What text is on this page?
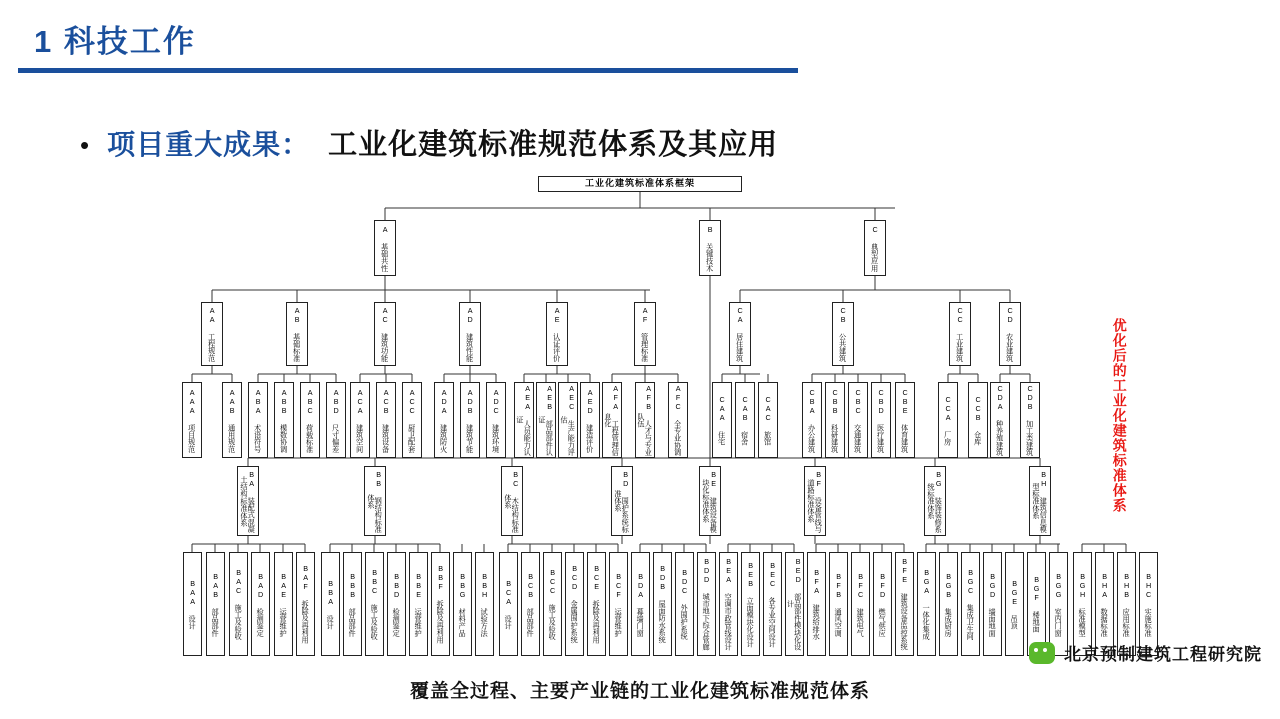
1 科技工作
• 项目重大成果： 工业化建筑标准规范体系及其应用
工业化建筑标准体系框架
A 基础共性	B 关键技术	C 典型应用
AA 工程规范	AB 基础标准	AC 建筑功能	AD 建筑性能	AE 认证评价	AF 管理标准	CA 居住建筑	CB 公共建筑	CC 工业建筑	CD 农业建筑
AAA 项目规范	AAB 通用规范	ABA 术语符号	ABB 模数协调	ABC 荷载标准	ABD 尺寸偏差	ACA 建筑空间	ACB 建筑设备	ACC 厨卫配套	ADA 建筑防火	ADB 建筑节能	ADC 建筑环境	AEA 人员能力认证	AEB 部品部件认证	AEC 生产能力评估	AED 建造评价	AFA 工程管理信息化	AFB 人才与专业队伍	AFC 全专业协调	CAA 住宅	CAB 宿舍	CAC 旅馆	CBA 办公建筑	CBB 科研建筑	CBC 交通建筑	CBD 医疗建筑	CBE 体育建筑	CCA 厂房	CCB 仓库	CDA 种养殖建筑	CDB 加工类建筑
BA 装配式混凝土结构标准体系	BB 钢结构标准体系	BC 木结构标准体系	BD 围护系统标准体系	BE 建筑设备模块化标准体系	BF 设备管线与道路标准体系	BG 装饰装修系统标准体系	BH 建筑信息模型标准体系
BAA 设计	BAB 部品部件	BAC 施工及验收	BAD 检测鉴定	BAE 运营维护	BAF 拆除及再利用	BBA 设计	BBB 部品部件	BBC 施工及验收	BBD 检测鉴定	BBE 运营维护	BBF 拆除及再利用	BBG 材料产品	BBH 试验方法	BCA 设计	BCB 部品部件	BCC 施工及验收	BCD 金属围护系统	BCE 拆除及再利用	BCF 运营维护	BDA 幕墙门窗	BDB 屋面防水系统	BDC 外围护系统	BDD 城市地下综合管廊	BEA 空调市政管线设计	BEB 立面模块化设计	BEC 各专业空间设计	BED 部品部件模块化设计	BFA 建筑给排水	BFB 通风空调	BFC 建筑电气	BFD 燃气供应	BFE 建筑设备监控系统	BGA 一体化集成	BGB 集成厨房	BGC 集成卫生间	BGD 墙面地面	BGE 吊顶	BGF 楼地面	BGG 室内门窗	BGH 标准模型	BHA 数据标准	BHB 应用标准	BHC 实施标准
优化后的工业化建筑标准体系
覆盖全过程、主要产业链的工业化建筑标准规范体系
北京预制建筑工程研究院
